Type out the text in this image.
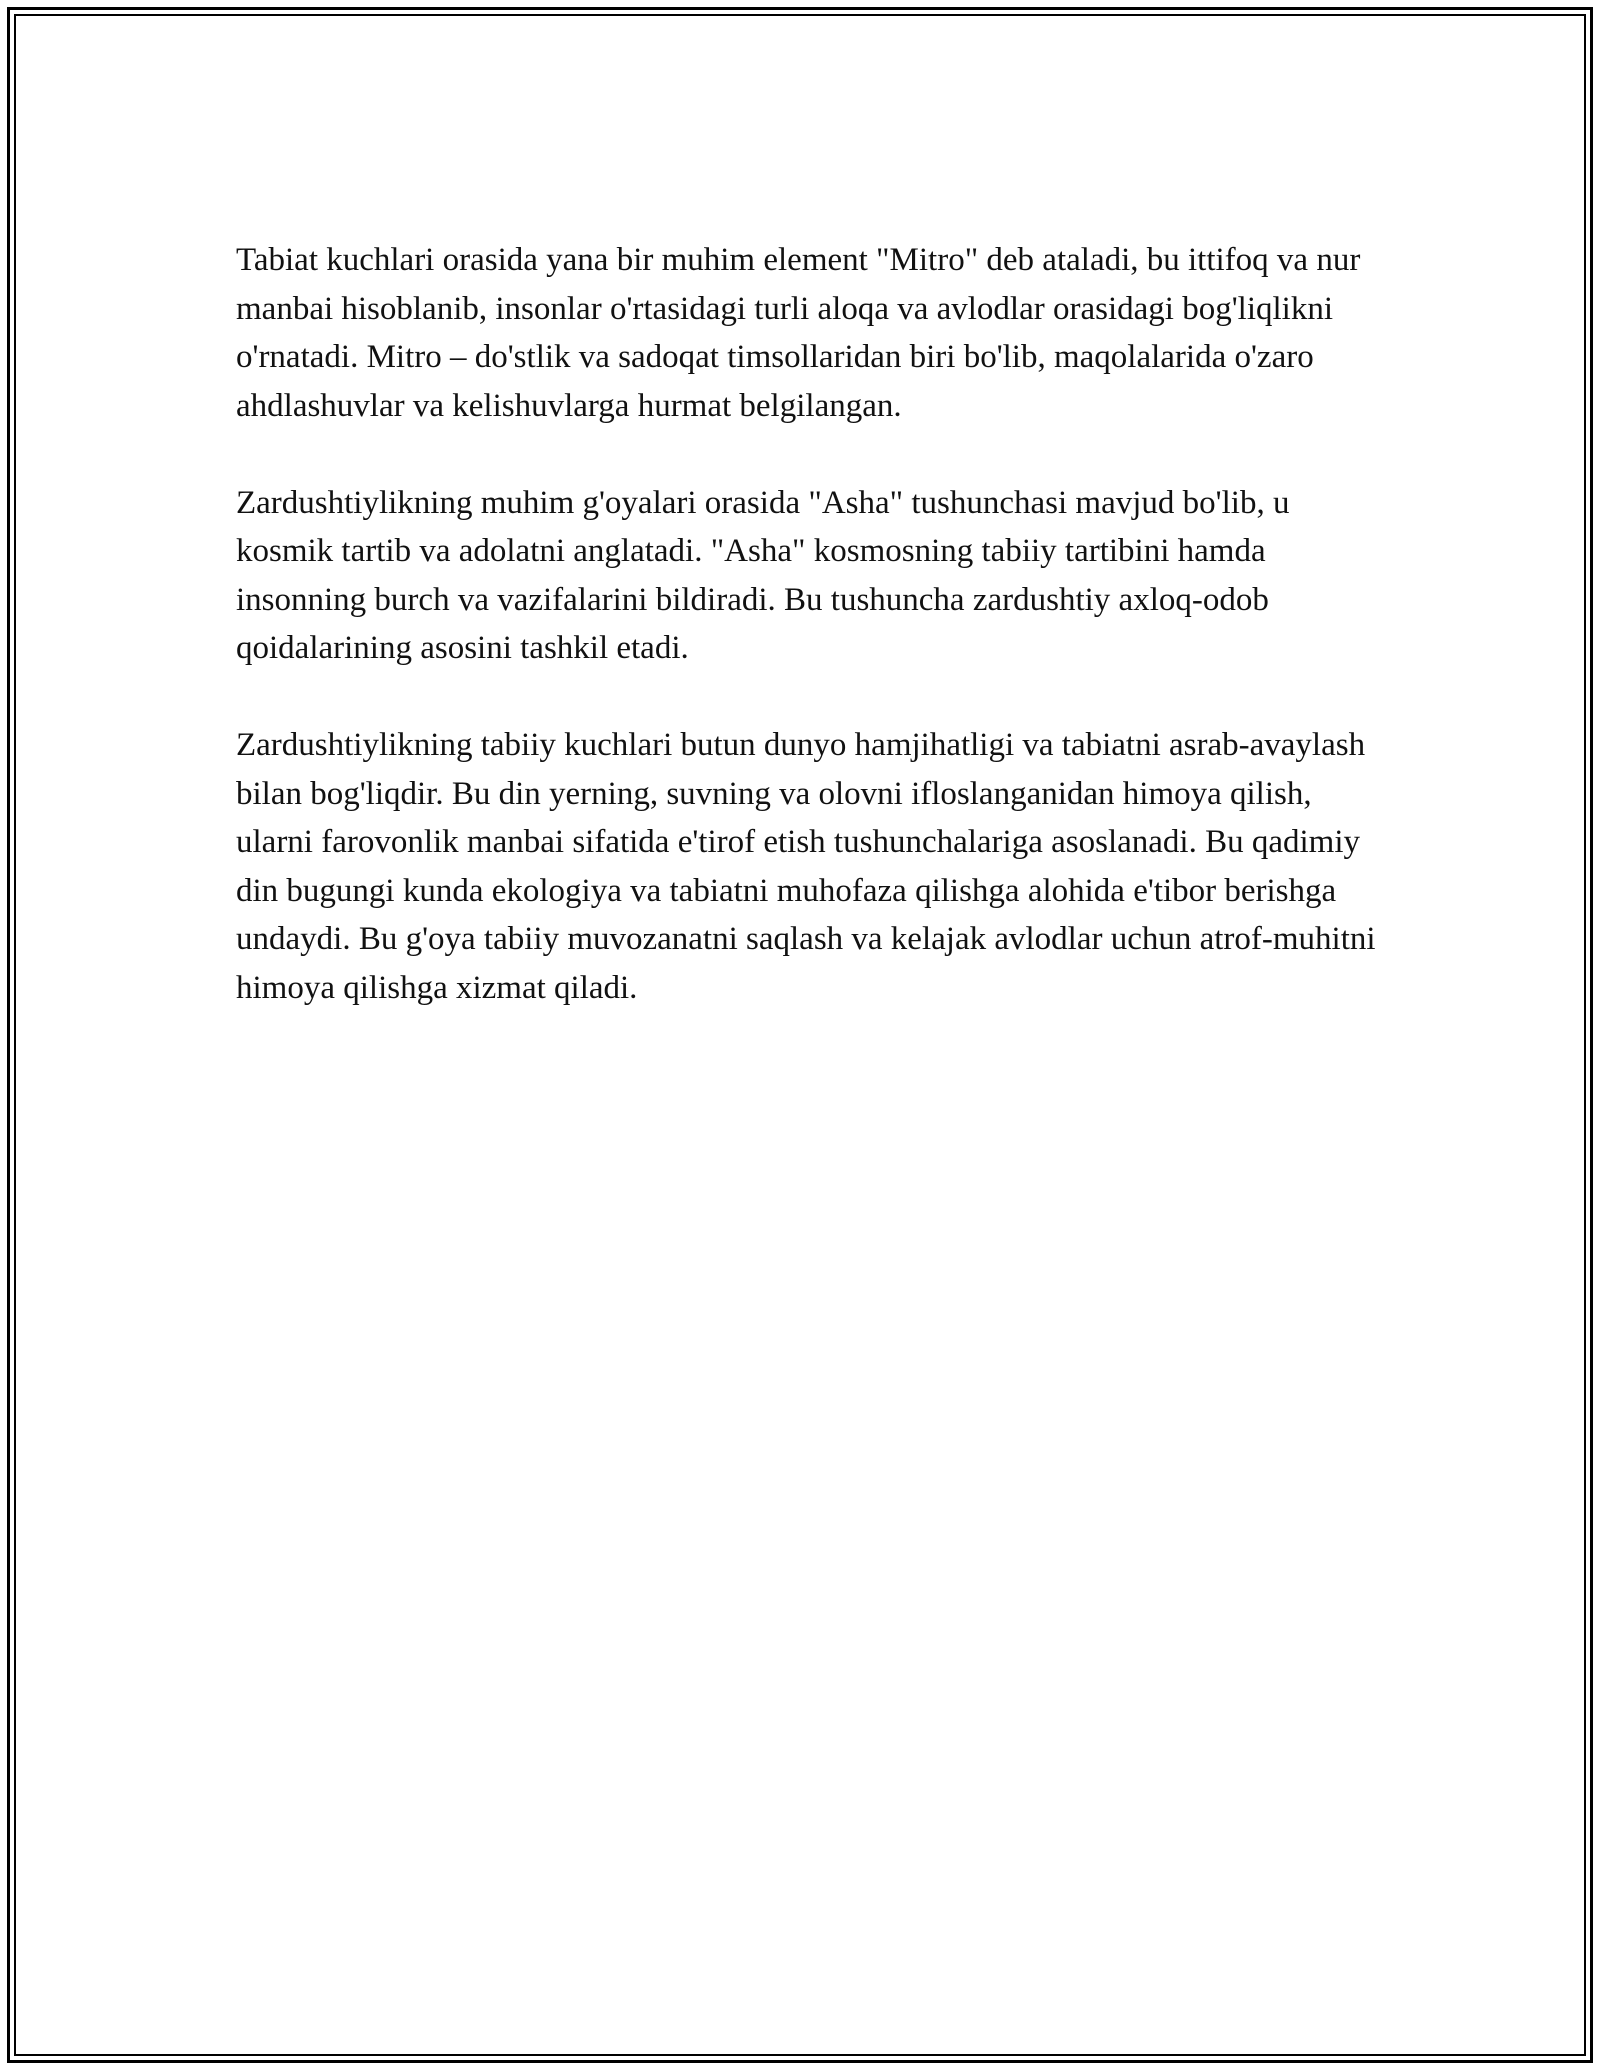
Tabiat kuchlari orasida yana bir muhim element "Mitro" deb ataladi, bu ittifoq va nur manbai hisoblanib, insonlar o'rtasidagi turli aloqa va avlodlar orasidagi bog'liqlikni o'rnatadi. Mitro – do'stlik va sadoqat timsollaridan biri bo'lib, maqolalarida o'zaro ahdlashuvlar va kelishuvlarga hurmat belgilangan.

Zardushtiylikning muhim g'oyalari orasida "Asha" tushunchasi mavjud bo'lib, u kosmik tartib va adolatni anglatadi. "Asha" kosmosning tabiiy tartibini hamda insonning burch va vazifalarini bildiradi. Bu tushuncha zardushtiy axloq-odob qoidalarining asosini tashkil etadi.

Zardushtiylikning tabiiy kuchlari butun dunyo hamjihatligi va tabiatni asrab-avaylash bilan bog'liqdir. Bu din yerning, suvning va olovni ifloslanganidan himoya qilish, ularni farovonlik manbai sifatida e'tirof etish tushunchalariga asoslanadi. Bu qadimiy din bugungi kunda ekologiya va tabiatni muhofaza qilishga alohida e'tibor berishga undaydi. Bu g'oya tabiiy muvozanatni saqlash va kelajak avlodlar uchun atrof-muhitni himoya qilishga xizmat qiladi.
